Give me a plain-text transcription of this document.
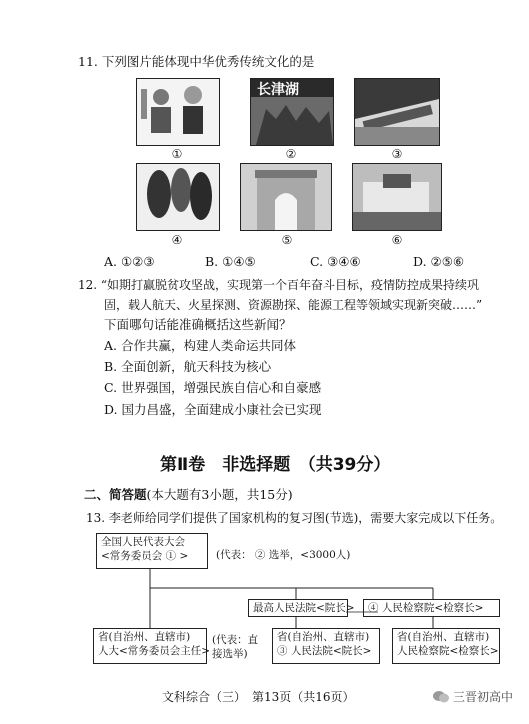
11. 下列图片能体现中华优秀传统文化的是
①
长津湖
②	③
④	⑤	⑥
A. ①②③	B. ①④⑤	C. ③④⑥	D. ②⑤⑥
12. “如期打赢脱贫攻坚战，实现第一个百年奋斗目标，疫情防控成果持续巩
固，载人航天、火星探测、资源勘探、能源工程等领域实现新突破……”
下面哪句话能准确概括这些新闻？
A. 合作共赢，构建人类命运共同体
B. 全面创新，航天科技为核心
C. 世界强国，增强民族自信心和自豪感
D. 国力昌盛，全面建成小康社会已实现
第Ⅱ卷　非选择题　（共39分）
二、简答题(本大题有3小题，共15分)
13. 李老师给同学们提供了国家机构的复习图(节选)，需要大家完成以下任务。
全国人民代表大会
<常务委员会 ① >	(代表： ② 选举，<3000人)
最高人民法院<院长>	④ 人民检察院<检察长>
省(自治州、直辖市)
人大<常务委员会主任>
(代表：直
接选举)
省(自治州、直辖市)
③ 人民法院<院长>
省(自治州、直辖市)
人民检察院<检察长>
文科综合（三）　第13页（共16页）	三晋初高中
